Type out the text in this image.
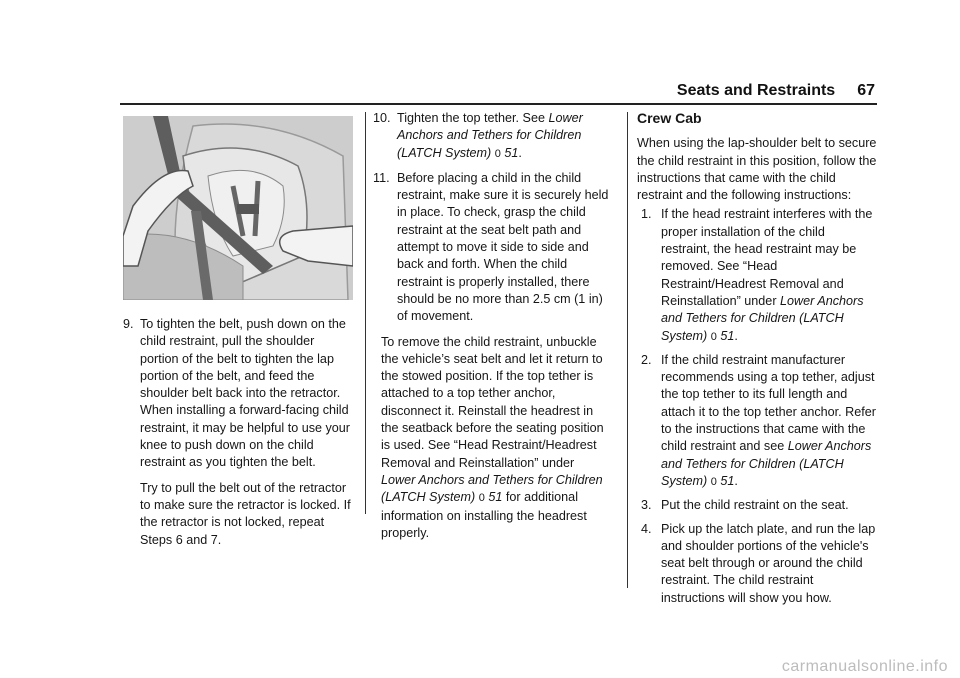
Seats and Restraints 67
9. To tighten the belt, push down on the child restraint, pull the shoulder portion of the belt to tighten the lap portion of the belt, and feed the shoulder belt back into the retractor. When installing a forward-facing child restraint, it may be helpful to use your knee to push down on the child restraint as you tighten the belt.
Try to pull the belt out of the retractor to make sure the retractor is locked. If the retractor is not locked, repeat Steps 6 and 7.
10. Tighten the top tether. See Lower Anchors and Tethers for Children (LATCH System) 0 51.
11. Before placing a child in the child restraint, make sure it is securely held in place. To check, grasp the child restraint at the seat belt path and attempt to move it side to side and back and forth. When the child restraint is properly installed, there should be no more than 2.5 cm (1 in) of movement.
To remove the child restraint, unbuckle the vehicle’s seat belt and let it return to the stowed position. If the top tether is attached to a top tether anchor, disconnect it. Reinstall the headrest in the seatback before the seating position is used. See “Head Restraint/Headrest Removal and Reinstallation” under Lower Anchors and Tethers for Children (LATCH System) 0 51 for additional information on installing the headrest properly.
Crew Cab
When using the lap-shoulder belt to secure the child restraint in this position, follow the instructions that came with the child restraint and the following instructions:
1. If the head restraint interferes with the proper installation of the child restraint, the head restraint may be removed. See “Head Restraint/Headrest Removal and Reinstallation” under Lower Anchors and Tethers for Children (LATCH System) 0 51.
2. If the child restraint manufacturer recommends using a top tether, adjust the top tether to its full length and attach it to the top tether anchor. Refer to the instructions that came with the child restraint and see Lower Anchors and Tethers for Children (LATCH System) 0 51.
3. Put the child restraint on the seat.
4. Pick up the latch plate, and run the lap and shoulder portions of the vehicle's seat belt through or around the child restraint. The child restraint instructions will show you how.
carmanualsonline.info
